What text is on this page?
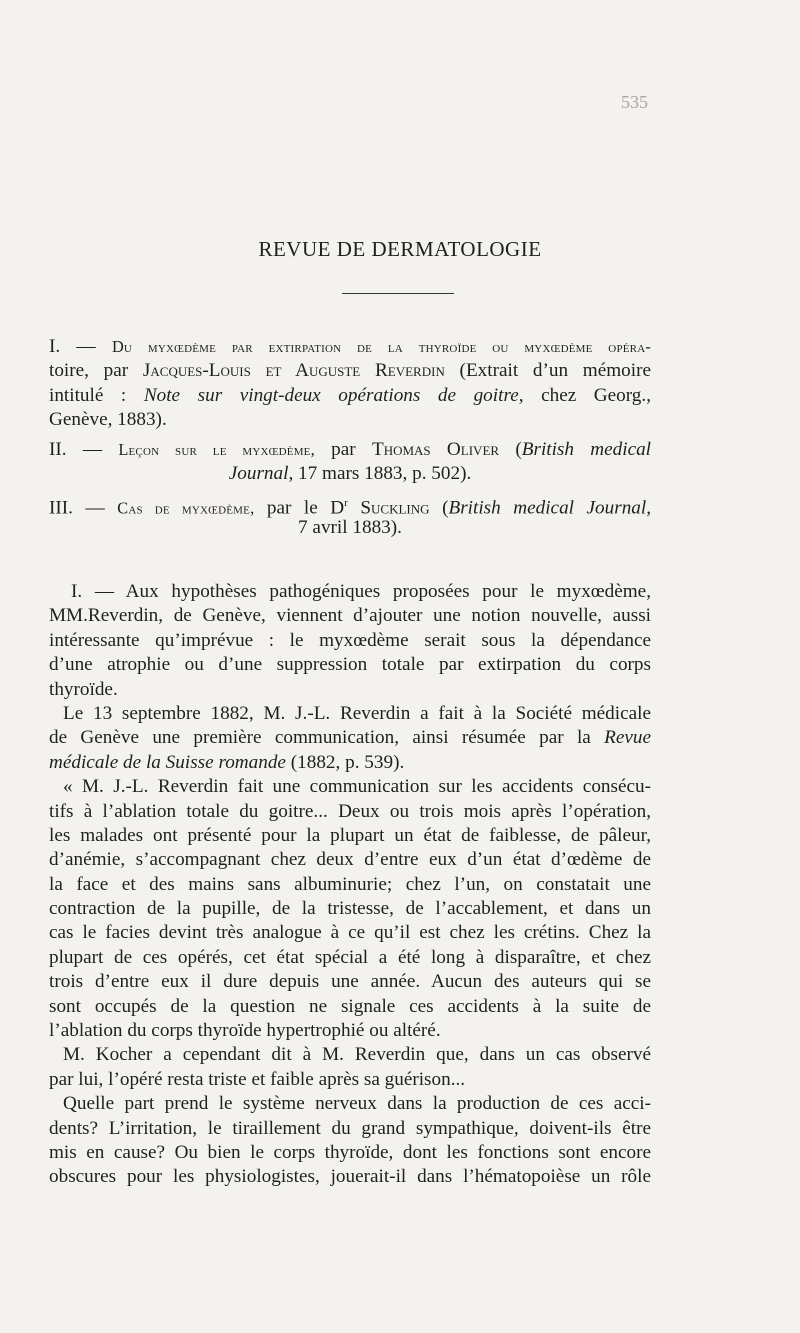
535
REVUE DE DERMATOLOGIE
I. — Du myxœdème par extirpation de la thyroïde ou myxœdème opéra-
toire, par Jacques-Louis et Auguste Reverdin (Extrait d’un mémoire
intitulé : Note sur vingt-deux opérations de goitre, chez Georg.,
Genève, 1883).
II. — Leçon sur le myxœdème, par Thomas Oliver (British medical
Journal, 17 mars 1883, p. 502).
III. — Cas de myxœdème, par le $D^r$ Suckling (British medical Journal,
7 avril 1883).
I. — Aux hypothèses pathogéniques proposées pour le myxœdème,
MM.Reverdin, de Genève, viennent d’ajouter une notion nouvelle, aussi
intéressante qu’imprévue : le myxœdème serait sous la dépendance
d’une atrophie ou d’une suppression totale par extirpation du corps
thyroïde.
Le 13 septembre 1882, M. J.-L. Reverdin a fait à la Société médicale
de Genève une première communication, ainsi résumée par la Revue
médicale de la Suisse romande (1882, p. 539).
« M. J.-L. Reverdin fait une communication sur les accidents consécu-
tifs à l’ablation totale du goitre... Deux ou trois mois après l’opération,
les malades ont présenté pour la plupart un état de faiblesse, de pâleur,
d’anémie, s’accompagnant chez deux d’entre eux d’un état d’œdème de
la face et des mains sans albuminurie; chez l’un, on constatait une
contraction de la pupille, de la tristesse, de l’accablement, et dans un
cas le facies devint très analogue à ce qu’il est chez les crétins. Chez la
plupart de ces opérés, cet état spécial a été long à disparaître, et chez
trois d’entre eux il dure depuis une année. Aucun des auteurs qui se
sont occupés de la question ne signale ces accidents à la suite de
l’ablation du corps thyroïde hypertrophié ou altéré.
M. Kocher a cependant dit à M. Reverdin que, dans un cas observé
par lui, l’opéré resta triste et faible après sa guérison...
Quelle part prend le système nerveux dans la production de ces acci-
dents? L’irritation, le tiraillement du grand sympathique, doivent-ils être
mis en cause? Ou bien le corps thyroïde, dont les fonctions sont encore
obscures pour les physiologistes, jouerait-il dans l’hématopoièse un rôle
